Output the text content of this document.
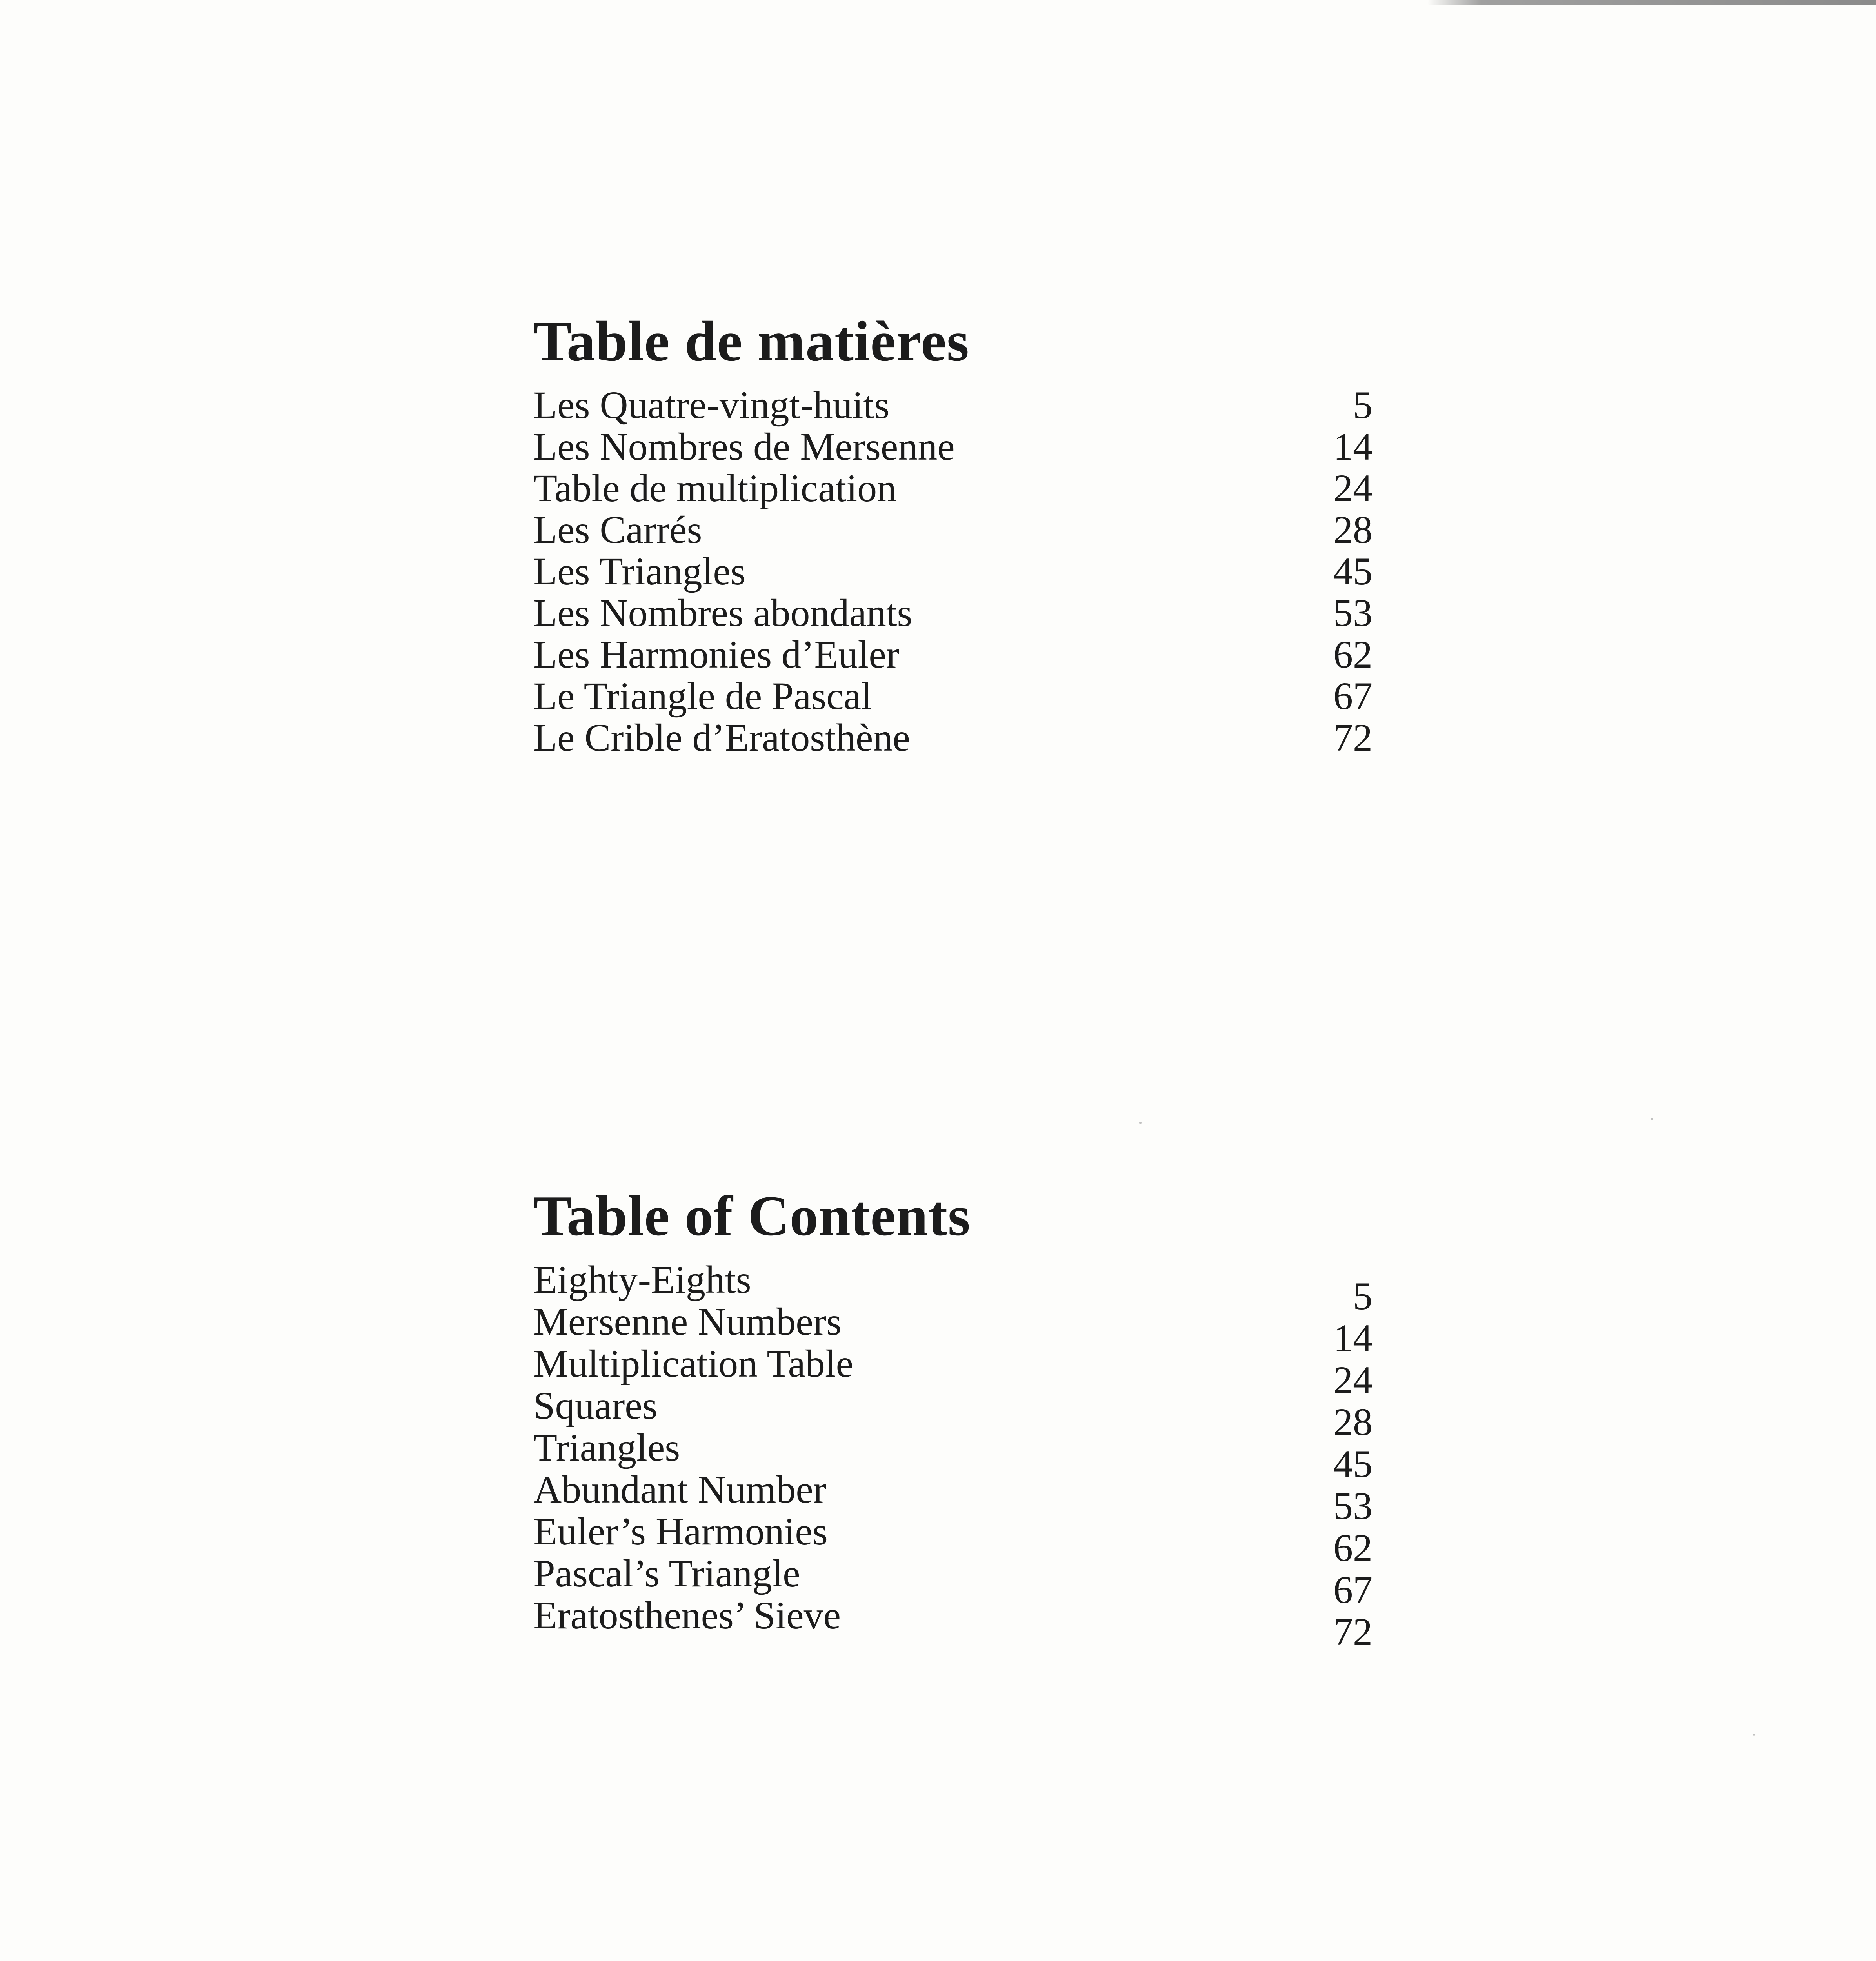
Table de matières
Les Quatre-vingt-huits	5
Les Nombres de Mersenne	14
Table de multiplication	24
Les Carrés	28
Les Triangles	45
Les Nombres abondants	53
Les Harmonies d’Euler	62
Le Triangle de Pascal	67
Le Crible d’Eratosthène	72
Table of Contents
Eighty-Eights	5
Mersenne Numbers	14
Multiplication Table	24
Squares	28
Triangles	45
Abundant Number	53
Euler’s Harmonies	62
Pascal’s Triangle	67
Eratosthenes’ Sieve	72
